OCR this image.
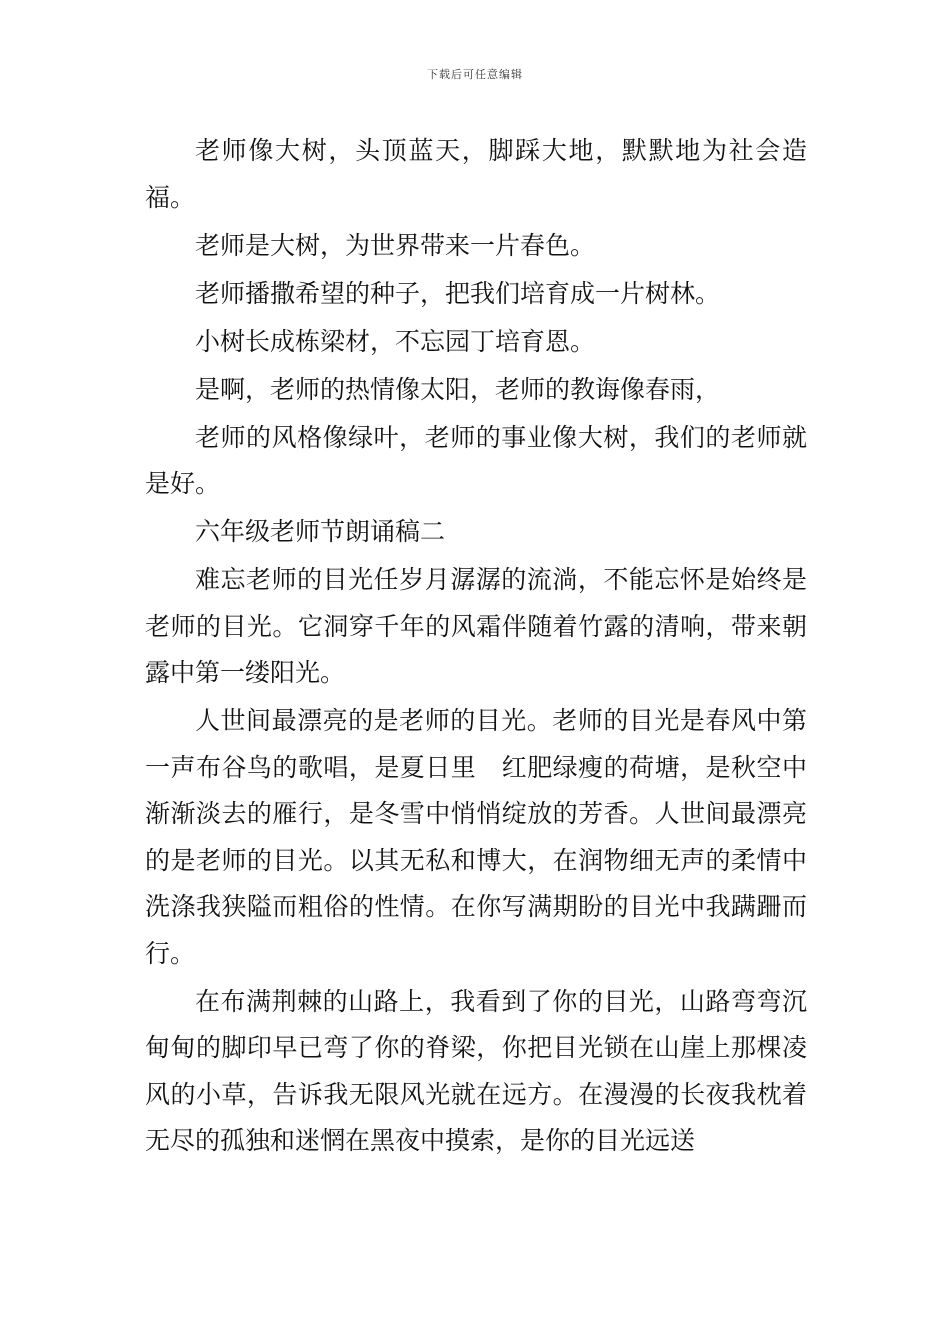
下载后可任意编辑

老师像大树，头顶蓝天，脚踩大地，默默地为社会造福。

老师是大树，为世界带来一片春色。

老师播撒希望的种子，把我们培育成一片树林。

小树长成栋梁材，不忘园丁培育恩。

是啊，老师的热情像太阳，老师的教诲像春雨，

老师的风格像绿叶，老师的事业像大树，我们的老师就是好。

六年级老师节朗诵稿二

难忘老师的目光任岁月潺潺的流淌，不能忘怀是始终是老师的目光。它洞穿千年的风霜伴随着竹露的清响，带来朝露中第一缕阳光。

人世间最漂亮的是老师的目光。老师的目光是春风中第一声布谷鸟的歌唱，是夏日里　红肥绿瘦的荷塘，是秋空中渐渐淡去的雁行，是冬雪中悄悄绽放的芳香。人世间最漂亮的是老师的目光。以其无私和博大，在润物细无声的柔情中洗涤我狭隘而粗俗的性情。在你写满期盼的目光中我蹒跚而行。

在布满荆棘的山路上，我看到了你的目光，山路弯弯沉甸甸的脚印早已弯了你的脊梁，你把目光锁在山崖上那棵凌风的小草，告诉我无限风光就在远方。在漫漫的长夜我枕着无尽的孤独和迷惘在黑夜中摸索，是你的目光远送
